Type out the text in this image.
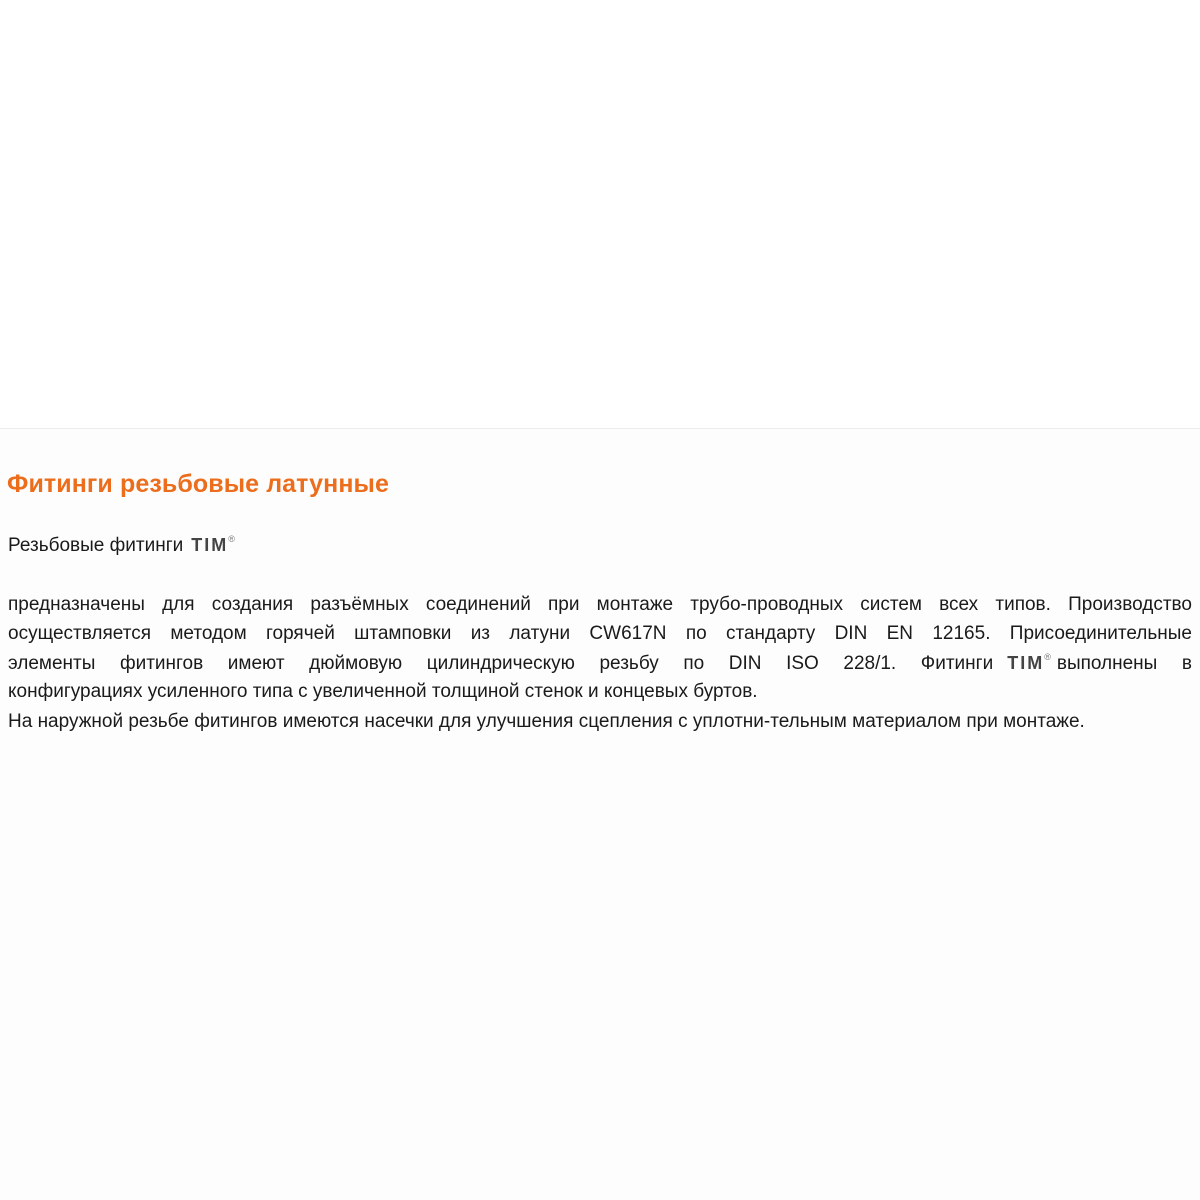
Фитинги резьбовые латунные
Резьбовые фитинги TIM®
предназначены для создания разъёмных соединений при монтаже трубо-проводных систем всех типов. Производство
осуществляется методом горячей штамповки из латуни CW617N по стандарту DIN EN 12165. Присоединительные
элементы фитингов имеют дюймовую цилиндрическую резьбу по DIN ISO 228/1. Фитинги TIM® выполнены в
конфигурациях усиленного типа с увеличенной толщиной стенок и концевых буртов.
На наружной резьбе фитингов имеются насечки для улучшения сцепления с уплотни-тельным материалом при монтаже.
